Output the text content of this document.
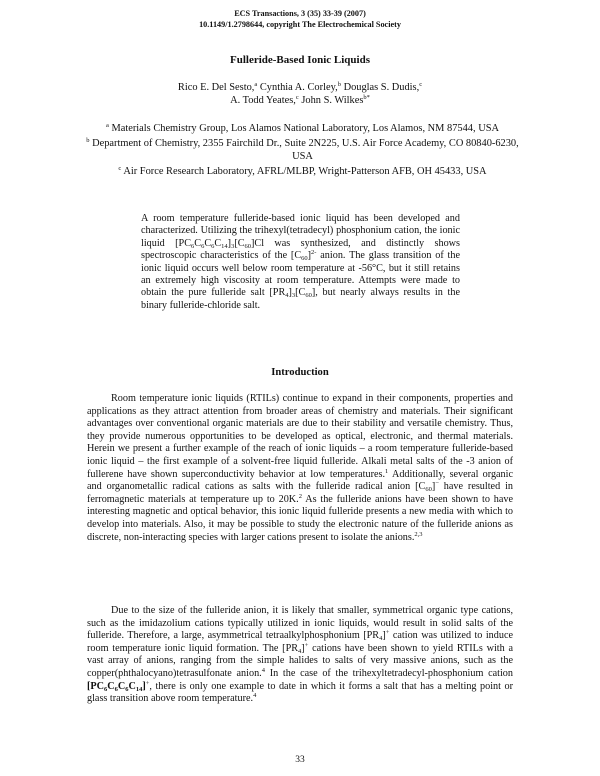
ECS Transactions, 3 (35) 33-39 (2007)
10.1149/1.2798644, copyright The Electrochemical Society
Fulleride-Based Ionic Liquids
Rico E. Del Sesto,$^a$ Cynthia A. Corley,$^b$ Douglas S. Dudis,$^c$
A. Todd Yeates,$^c$ John S. Wilkes$^{b*}$

$^a$ Materials Chemistry Group, Los Alamos National Laboratory, Los Alamos, NM 87544, USA

$^b$ Department of Chemistry, 2355 Fairchild Dr., Suite 2N225, U.S. Air Force Academy, CO 80840-6230, USA

$^c$ Air Force Research Laboratory, AFRL/MLBP, Wright-Patterson AFB, OH 45433, USA

A room temperature fulleride-based ionic liquid has been developed and characterized. Utilizing the trihexyl(tetradecyl) phosphonium cation, the ionic liquid $[PC_6C_6C_6C_{14}]_3[C_{60}]Cl$ was synthesized, and distinctly shows spectroscopic characteristics of the $[C_{60}]^{2-}$ anion. The glass transition of the ionic liquid occurs well below room temperature at -56°C, but it still retains an extremely high viscosity at room temperature. Attempts were made to obtain the pure fulleride salt $[PR_4]_3[C_{60}]$, but nearly always results in the binary fulleride-chloride salt.

Introduction

Room temperature ionic liquids (RTILs) continue to expand in their components, properties and applications as they attract attention from broader areas of chemistry and materials. Their significant advantages over conventional organic materials are due to their stability and versatile chemistry. Thus, they provide numerous opportunities to be developed as optical, electronic, and thermal materials. Herein we present a further example of the reach of ionic liquids – a room temperature fulleride-based ionic liquid – the first example of a solvent-free liquid fulleride. Alkali metal salts of the -3 anion of fullerene have shown superconductivity behavior at low temperatures.$^1$ Additionally, several organic and organometallic radical cations as salts with the fulleride radical anion $[C_{60}]^-$ have resulted in ferromagnetic materials at temperature up to 20K.$^2$ As the fulleride anions have been shown to have interesting magnetic and optical behavior, this ionic liquid fulleride presents a new media with which to develop into materials. Also, it may be possible to study the electronic nature of the fulleride anions as discrete, non-interacting species with larger cations present to isolate the anions.$^{2,3}$

Due to the size of the fulleride anion, it is likely that smaller, symmetrical organic type cations, such as the imidazolium cations typically utilized in ionic liquids, would result in solid salts of the fulleride. Therefore, a large, asymmetrical tetraalkylphosphonium $[PR_4]^+$ cation was utilized to induce room temperature ionic liquid formation. The $[PR_4]^+$ cations have been shown to yield RTILs with a vast array of anions, ranging from the simple halides to salts of very massive anions, such as the copper(phthalocyano)tetrasulfonate anion.$^4$ In the case of the trihexyltetradecyl-phosphonium cation $[PC_6C_6C_6C_{14}]^+$, there is only one example to date in which it forms a salt that has a melting point or glass transition above room temperature.$^4$

33
